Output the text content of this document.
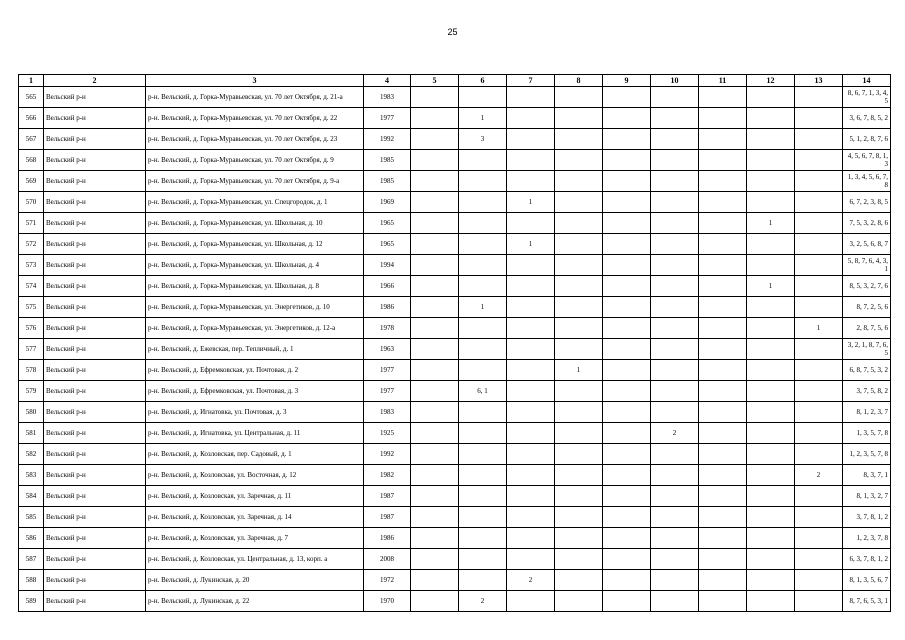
25
1	2	3	4	5	6	7	8	9	10	11	12	13	14
565	Вельский р-н	р-н. Вельский, д. Горка-Муравьевская, ул. 70 лет Октября, д. 21-а	1983										8, 6, 7, 1, 3, 4, 5
566	Вельский р-н	р-н. Вельский, д. Горка-Муравьевская, ул. 70 лет Октября, д. 22	1977		1								3, 6, 7, 8, 5, 2
567	Вельский р-н	р-н. Вельский, д. Горка-Муравьевская, ул. 70 лет Октября, д. 23	1992		3								5, 1, 2, 8, 7, 6
568	Вельский р-н	р-н. Вельский, д. Горка-Муравьевская, ул. 70 лет Октября, д. 9	1985										4, 5, 6, 7, 8, 1, 3
569	Вельский р-н	р-н. Вельский, д. Горка-Муравьевская, ул. 70 лет Октября, д. 9-а	1985										1, 3, 4, 5, 6, 7, 8
570	Вельский р-н	р-н. Вельский, д. Горка-Муравьевская, ул. Спецгородок, д. 1	1969			1							6, 7, 2, 3, 8, 5
571	Вельский р-н	р-н. Вельский, д. Горка-Муравьевская, ул. Школьная, д. 10	1965								1		7, 5, 3, 2, 8, 6
572	Вельский р-н	р-н. Вельский, д. Горка-Муравьевская, ул. Школьная, д. 12	1965			1							3, 2, 5, 6, 8, 7
573	Вельский р-н	р-н. Вельский, д. Горка-Муравьевская, ул. Школьная, д. 4	1994										5, 8, 7, 6, 4, 3, 1
574	Вельский р-н	р-н. Вельский, д. Горка-Муравьевская, ул. Школьная, д. 8	1966								1		8, 5, 3, 2, 7, 6
575	Вельский р-н	р-н. Вельский, д. Горка-Муравьевская, ул. Энергетиков, д. 10	1986		1								8, 7, 2, 5, 6
576	Вельский р-н	р-н. Вельский, д. Горка-Муравьевская, ул. Энергетиков, д. 12-а	1978									1	2, 8, 7, 5, 6
577	Вельский р-н	р-н. Вельский, д. Ежевская, пер. Тепличный, д. 1	1963										3, 2, 1, 8, 7, 6, 5
578	Вельский р-н	р-н. Вельский, д. Ефремковская, ул. Почтовая, д. 2	1977				1						6, 8, 7, 5, 3, 2
579	Вельский р-н	р-н. Вельский, д. Ефремковская, ул. Почтовая, д. 3	1977		6, 1								3, 7, 5, 8, 2
580	Вельский р-н	р-н. Вельский, д. Игнатовка, ул. Почтовая, д. 3	1983										8, 1, 2, 3, 7
581	Вельский р-н	р-н. Вельский, д. Игнатовка, ул. Центральная, д. 11	1925						2				1, 3, 5, 7, 8
582	Вельский р-н	р-н. Вельский, д. Козловская, пер. Садовый, д. 1	1992										1, 2, 3, 5, 7, 8
583	Вельский р-н	р-н. Вельский, д. Козловская, ул. Восточная, д. 12	1982									2	8, 3, 7, 1
584	Вельский р-н	р-н. Вельский, д. Козловская, ул. Заречная, д. 11	1987										8, 1, 3, 2, 7
585	Вельский р-н	р-н. Вельский, д. Козловская, ул. Заречная, д. 14	1987										3, 7, 8, 1, 2
586	Вельский р-н	р-н. Вельский, д. Козловская, ул. Заречная, д. 7	1986										1, 2, 3, 7, 8
587	Вельский р-н	р-н. Вельский, д. Козловская, ул. Центральная, д. 13, корп. а	2008										6, 3, 7, 8, 1, 2
588	Вельский р-н	р-н. Вельский, д. Лукинская, д. 20	1972			2							8, 1, 3, 5, 6, 7
589	Вельский р-н	р-н. Вельский, д. Лукинская, д. 22	1970		2								8, 7, 6, 5, 3, 1
